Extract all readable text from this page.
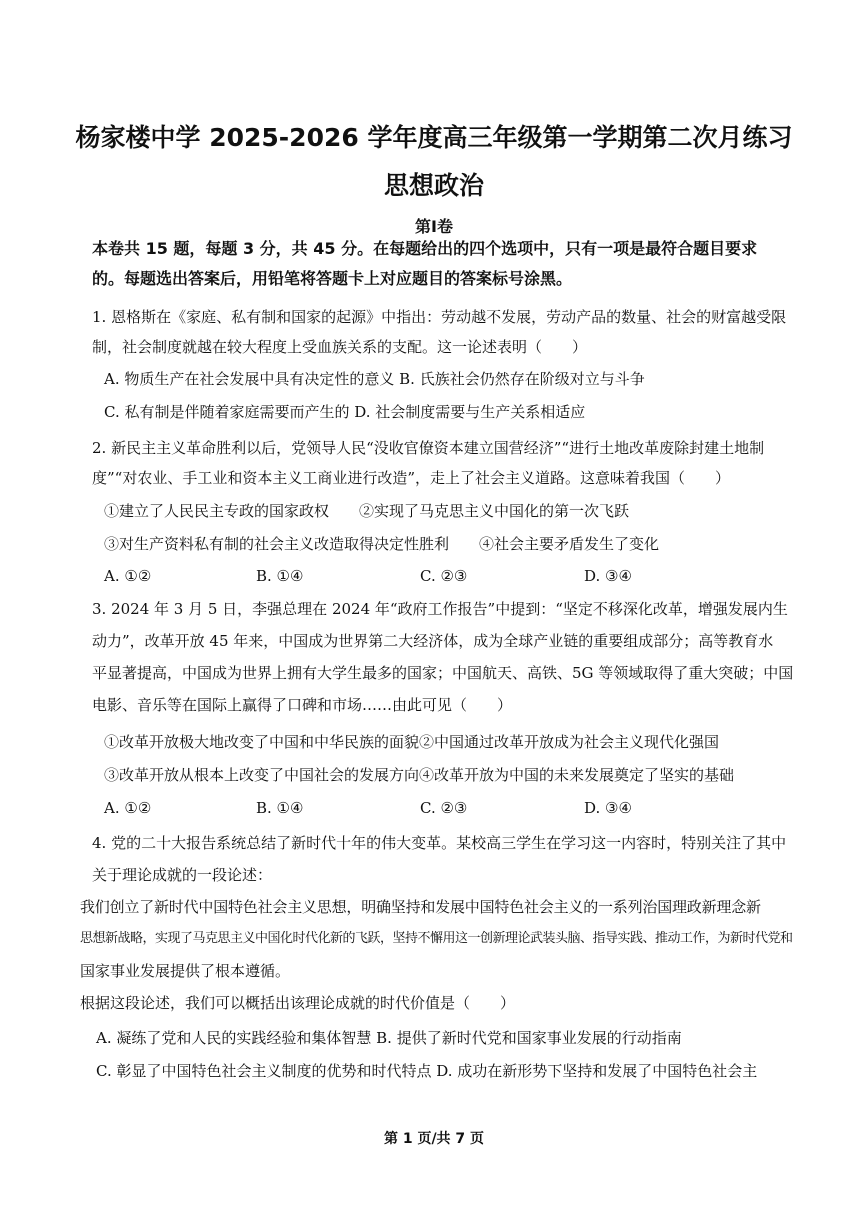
杨家楼中学 2025-2026 学年度高三年级第一学期第二次月练习
思想政治
第Ⅰ卷
本卷共 15 题，每题 3 分，共 45 分。在每题给出的四个选项中，只有一项是最符合题目要求
的。每题选出答案后，用铅笔将答题卡上对应题目的答案标号涂黑。
1. 恩格斯在《家庭、私有制和国家的起源》中指出：劳动越不发展，劳动产品的数量、社会的财富越受限
制，社会制度就越在较大程度上受血族关系的支配。这一论述表明（　　）
A. 物质生产在社会发展中具有决定性的意义 B. 氏族社会仍然存在阶级对立与斗争
C. 私有制是伴随着家庭需要而产生的 D. 社会制度需要与生产关系相适应
2. 新民主主义革命胜利以后，党领导人民“没收官僚资本建立国营经济”“进行土地改革废除封建土地制
度”“对农业、手工业和资本主义工商业进行改造”，走上了社会主义道路。这意味着我国（　　）
①建立了人民民主专政的国家政权　　②实现了马克思主义中国化的第一次飞跃
③对生产资料私有制的社会主义改造取得决定性胜利　　④社会主要矛盾发生了变化
A. ①②	B. ①④	C. ②③	D. ③④
3. 2024 年 3 月 5 日，李强总理在 2024 年“政府工作报告”中提到：“坚定不移深化改革，增强发展内生
动力”，改革开放 45 年来，中国成为世界第二大经济体，成为全球产业链的重要组成部分；高等教育水
平显著提高，中国成为世界上拥有大学生最多的国家；中国航天、高铁、5G 等领域取得了重大突破；中国
电影、音乐等在国际上赢得了口碑和市场……由此可见（　　）
①改革开放极大地改变了中国和中华民族的面貌②中国通过改革开放成为社会主义现代化强国
③改革开放从根本上改变了中国社会的发展方向④改革开放为中国的未来发展奠定了坚实的基础
A. ①②	B. ①④	C. ②③	D. ③④
4. 党的二十大报告系统总结了新时代十年的伟大变革。某校高三学生在学习这一内容时，特别关注了其中
关于理论成就的一段论述：
我们创立了新时代中国特色社会主义思想，明确坚持和发展中国特色社会主义的一系列治国理政新理念新
思想新战略，实现了马克思主义中国化时代化新的飞跃，坚持不懈用这一创新理论武装头脑、指导实践、推动工作，为新时代党和
国家事业发展提供了根本遵循。
根据这段论述，我们可以概括出该理论成就的时代价值是（　　）
A. 凝练了党和人民的实践经验和集体智慧 B. 提供了新时代党和国家事业发展的行动指南
C. 彰显了中国特色社会主义制度的优势和时代特点 D. 成功在新形势下坚持和发展了中国特色社会主
第 1 页/共 7 页
